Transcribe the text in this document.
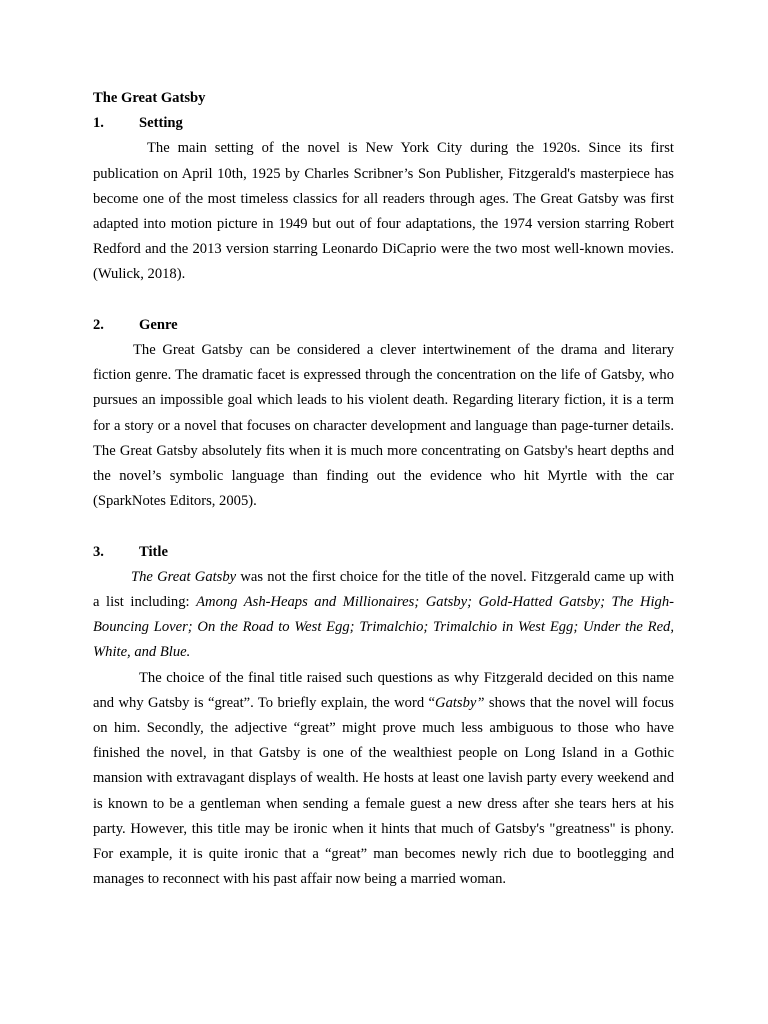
The Great Gatsby

1.	Setting

The main setting of the novel is New York City during the 1920s. Since its first publication on April 10th, 1925 by Charles Scribner’s Son Publisher, Fitzgerald's masterpiece has become one of the most timeless classics for all readers through ages. The Great Gatsby was first adapted into motion picture in 1949 but out of four adaptations, the 1974 version starring Robert Redford and the 2013 version starring Leonardo DiCaprio were the two most well-known movies. (Wulick, 2018).

2.	Genre

The Great Gatsby can be considered a clever intertwinement of the drama and literary fiction genre. The dramatic facet is expressed through the concentration on the life of Gatsby, who pursues an impossible goal which leads to his violent death. Regarding literary fiction, it is a term for a story or a novel that focuses on character development and language than page-turner details. The Great Gatsby absolutely fits when it is much more concentrating on Gatsby's heart depths and the novel’s symbolic language than finding out the evidence who hit Myrtle with the car (SparkNotes Editors, 2005).

3.	Title

The Great Gatsby was not the first choice for the title of the novel. Fitzgerald came up with a list including: Among Ash-Heaps and Millionaires; Gatsby; Gold-Hatted Gatsby; The High-Bouncing Lover; On the Road to West Egg; Trimalchio; Trimalchio in West Egg; Under the Red, White, and Blue.

The choice of the final title raised such questions as why Fitzgerald decided on this name and why Gatsby is “great”. To briefly explain, the word “Gatsby” shows that the novel will focus on him. Secondly, the adjective “great” might prove much less ambiguous to those who have finished the novel, in that Gatsby is one of the wealthiest people on Long Island in a Gothic mansion with extravagant displays of wealth. He hosts at least one lavish party every weekend and is known to be a gentleman when sending a female guest a new dress after she tears hers at his party. However, this title may be ironic when it hints that much of Gatsby's "greatness" is phony. For example, it is quite ironic that a “great” man becomes newly rich due to bootlegging and manages to reconnect with his past affair now being a married woman.
